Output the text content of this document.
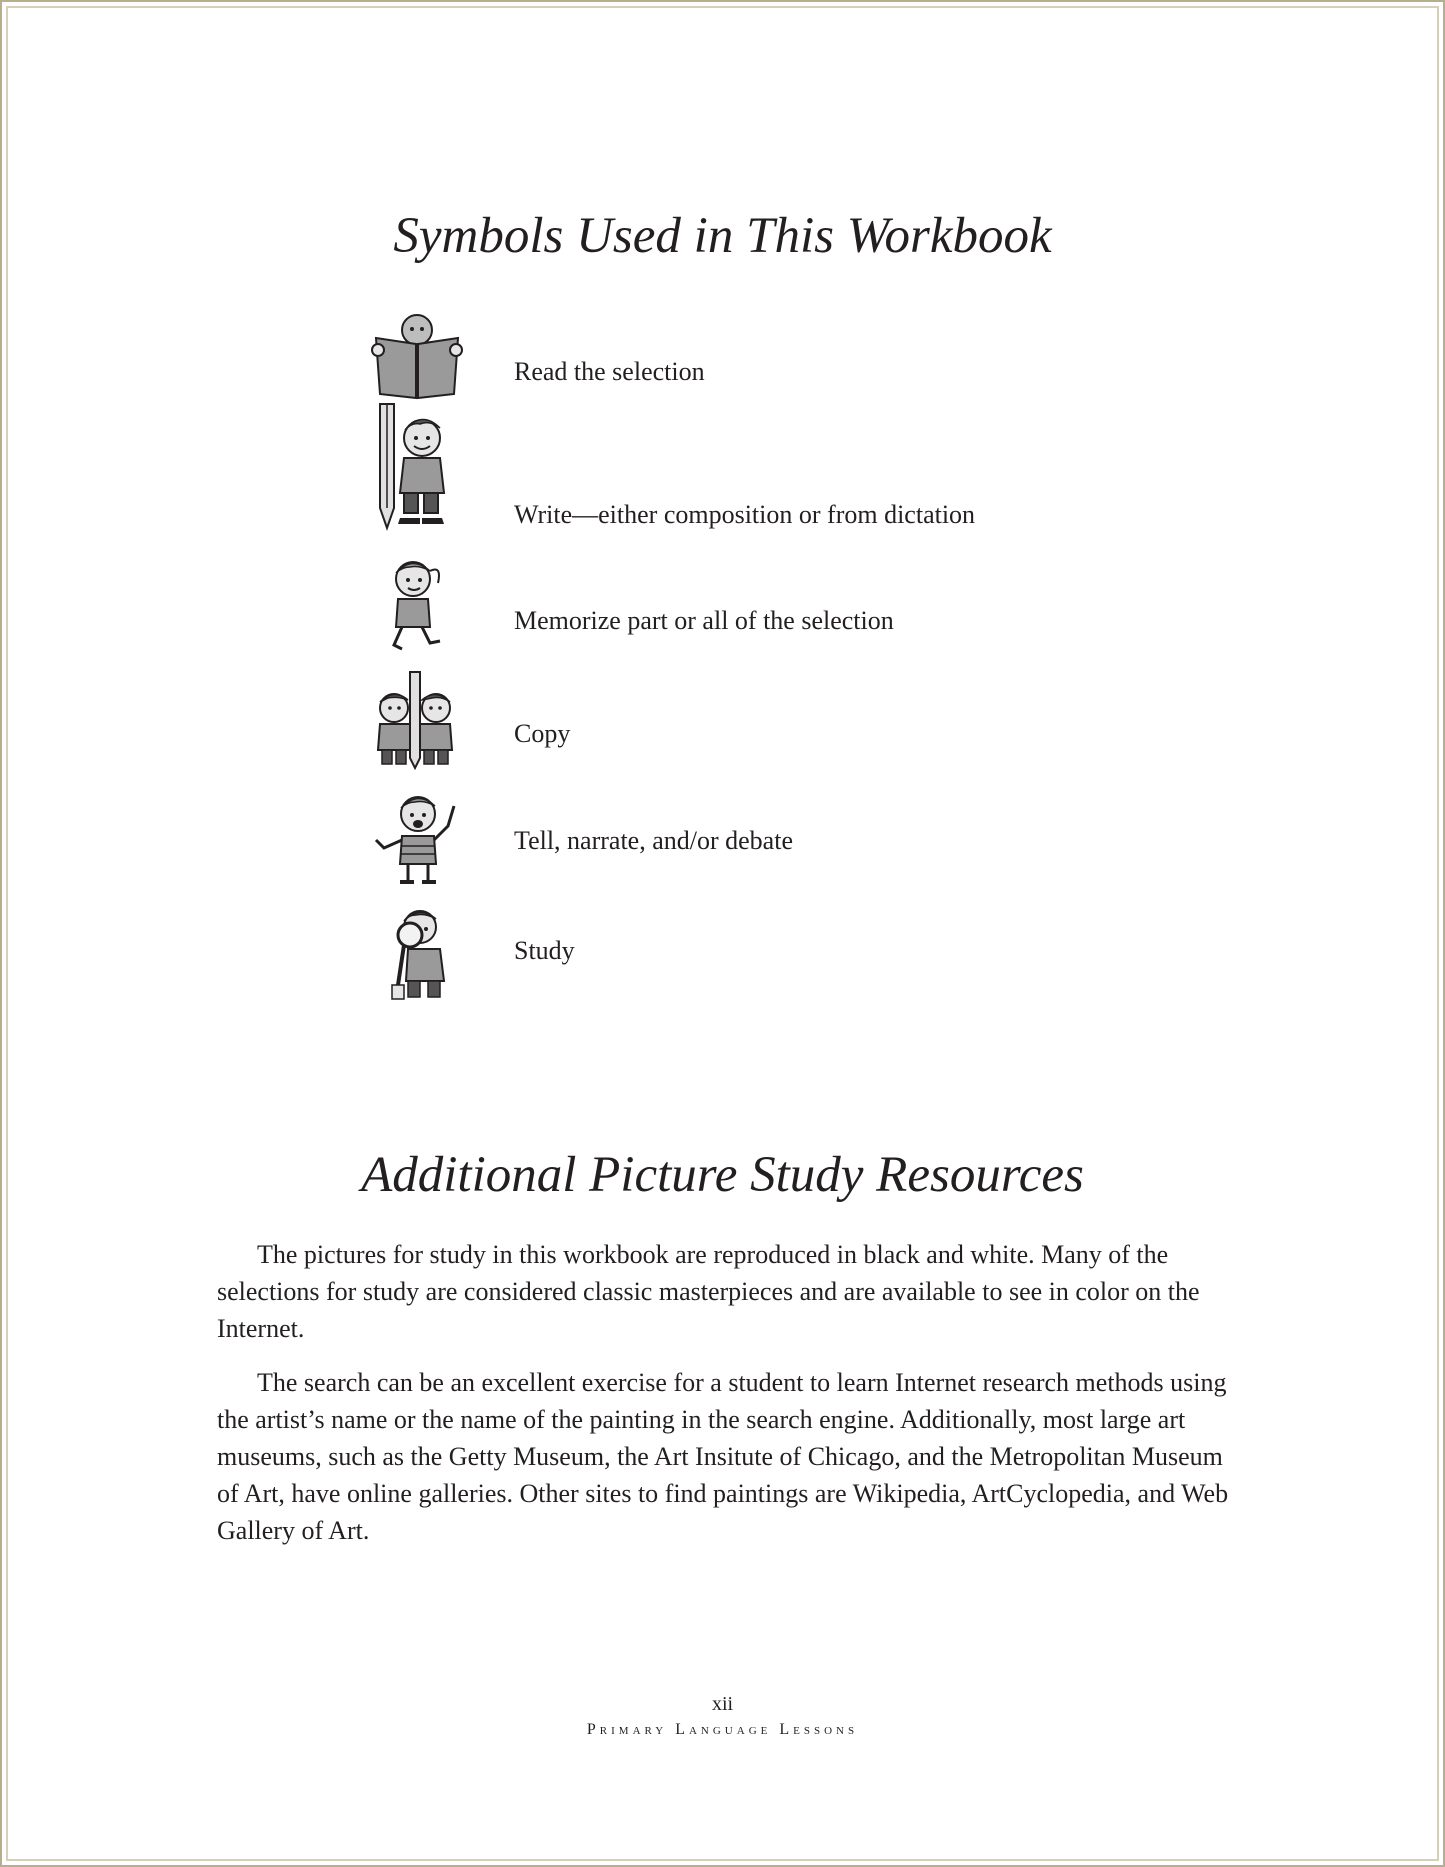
Symbols Used in This Workbook
Read the selection
Write—either composition or from dictation
Memorize part or all of the selection
Copy
Tell, narrate, and/or debate
Study
Additional Picture Study Resources

The pictures for study in this workbook are reproduced in black and white. Many of the selections for study are considered classic masterpieces and are available to see in color on the Internet.

The search can be an excellent exercise for a student to learn Internet research methods using the artist’s name or the name of the painting in the search engine. Additionally, most large art museums, such as the Getty Museum, the Art Insitute of Chicago, and the Metropolitan Museum of Art, have online galleries. Other sites to find paintings are Wikipedia, ArtCyclopedia, and Web Gallery of Art.

xii
Primary Language Lessons
